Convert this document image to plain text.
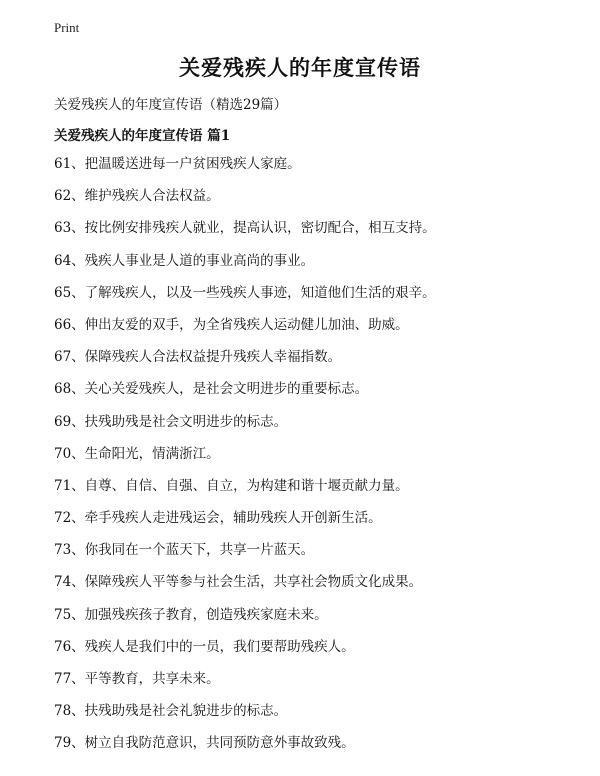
Print
关爱残疾人的年度宣传语
关爱残疾人的年度宣传语（精选29篇）
关爱残疾人的年度宣传语 篇1
61、把温暖送进每一户贫困残疾人家庭。
62、维护残疾人合法权益。
63、按比例安排残疾人就业，提高认识，密切配合，相互支持。
64、残疾人事业是人道的事业高尚的事业。
65、了解残疾人，以及一些残疾人事迹，知道他们生活的艰辛。
66、伸出友爱的双手，为全省残疾人运动健儿加油、助威。
67、保障残疾人合法权益提升残疾人幸福指数。
68、关心关爱残疾人，是社会文明进步的重要标志。
69、扶残助残是社会文明进步的标志。
70、生命阳光，情满浙江。
71、自尊、自信、自强、自立，为构建和谐十堰贡献力量。
72、牵手残疾人走进残运会，辅助残疾人开创新生活。
73、你我同在一个蓝天下，共享一片蓝天。
74、保障残疾人平等参与社会生活，共享社会物质文化成果。
75、加强残疾孩子教育，创造残疾家庭未来。
76、残疾人是我们中的一员，我们要帮助残疾人。
77、平等教育，共享未来。
78、扶残助残是社会礼貌进步的标志。
79、树立自我防范意识，共同预防意外事故致残。
